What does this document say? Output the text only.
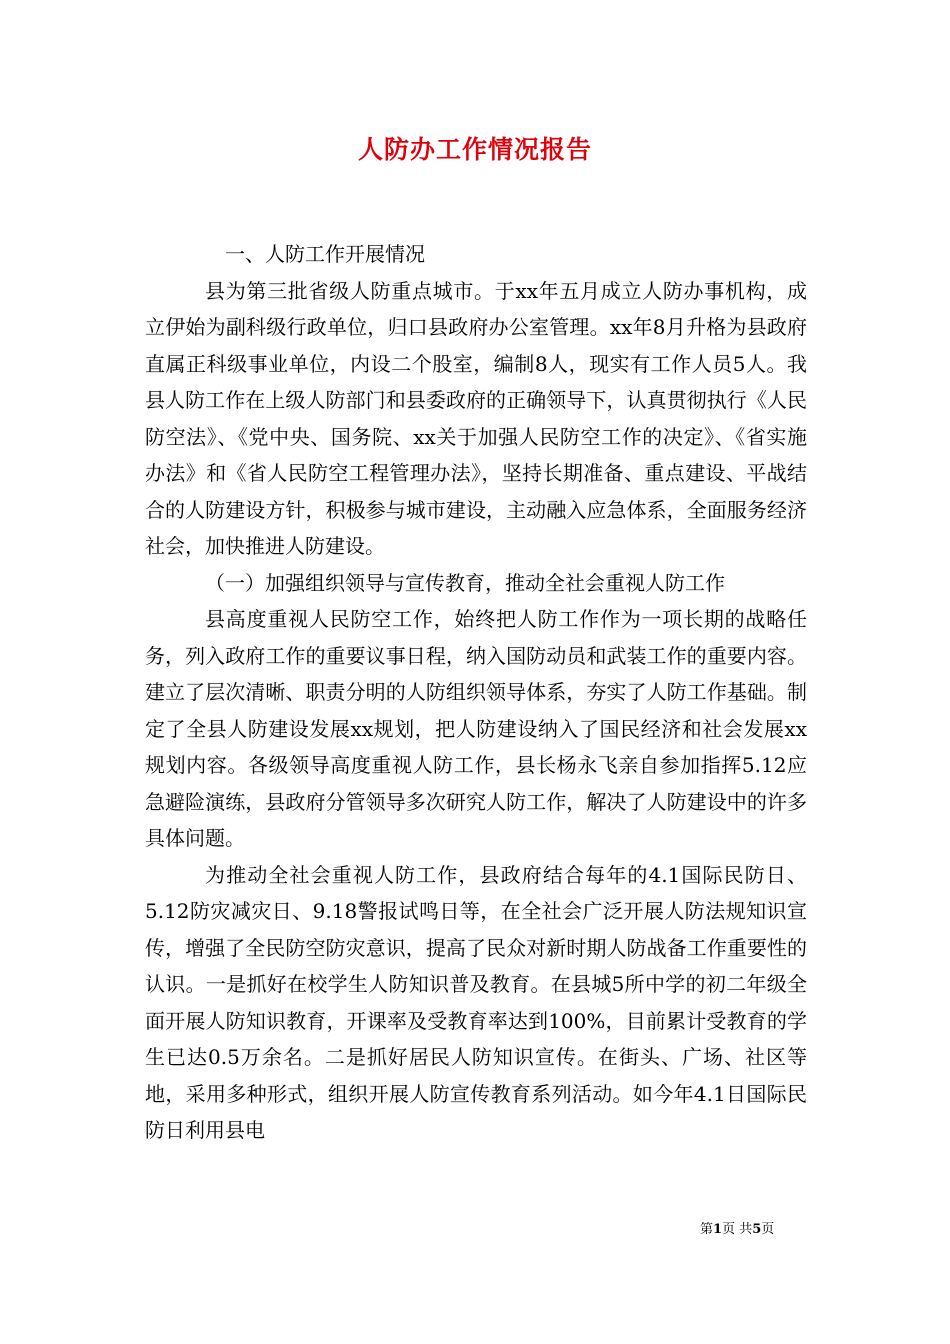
人防办工作情况报告

一、人防工作开展情况

县为第三批省级人防重点城市。于xx年五月成立人防办事机构，成立伊始为副科级行政单位，归口县政府办公室管理。xx年8月升格为县政府直属正科级事业单位，内设二个股室，编制8人，现实有工作人员5人。我县人防工作在上级人防部门和县委政府的正确领导下，认真贯彻执行《人民防空法》、《党中央、国务院、xx关于加强人民防空工作的决定》、《省实施办法》和《省人民防空工程管理办法》，坚持长期准备、重点建设、平战结合的人防建设方针，积极参与城市建设，主动融入应急体系，全面服务经济社会，加快推进人防建设。

（一）加强组织领导与宣传教育，推动全社会重视人防工作

县高度重视人民防空工作，始终把人防工作作为一项长期的战略任务，列入政府工作的重要议事日程，纳入国防动员和武装工作的重要内容。建立了层次清晰、职责分明的人防组织领导体系，夯实了人防工作基础。制定了全县人防建设发展xx规划，把人防建设纳入了国民经济和社会发展xx规划内容。各级领导高度重视人防工作，县长杨永飞亲自参加指挥5.12应急避险演练，县政府分管领导多次研究人防工作，解决了人防建设中的许多具体问题。

为推动全社会重视人防工作，县政府结合每年的4.1国际民防日、5.12防灾减灾日、9.18警报试鸣日等，在全社会广泛开展人防法规知识宣传，增强了全民防空防灾意识，提高了民众对新时期人防战备工作重要性的认识。一是抓好在校学生人防知识普及教育。在县城5所中学的初二年级全面开展人防知识教育，开课率及受教育率达到100%，目前累计受教育的学生已达0.5万余名。二是抓好居民人防知识宣传。在街头、广场、社区等地，采用多种形式，组织开展人防宣传教育系列活动。如今年4.1日国际民防日利用县电

第1页 共5页
